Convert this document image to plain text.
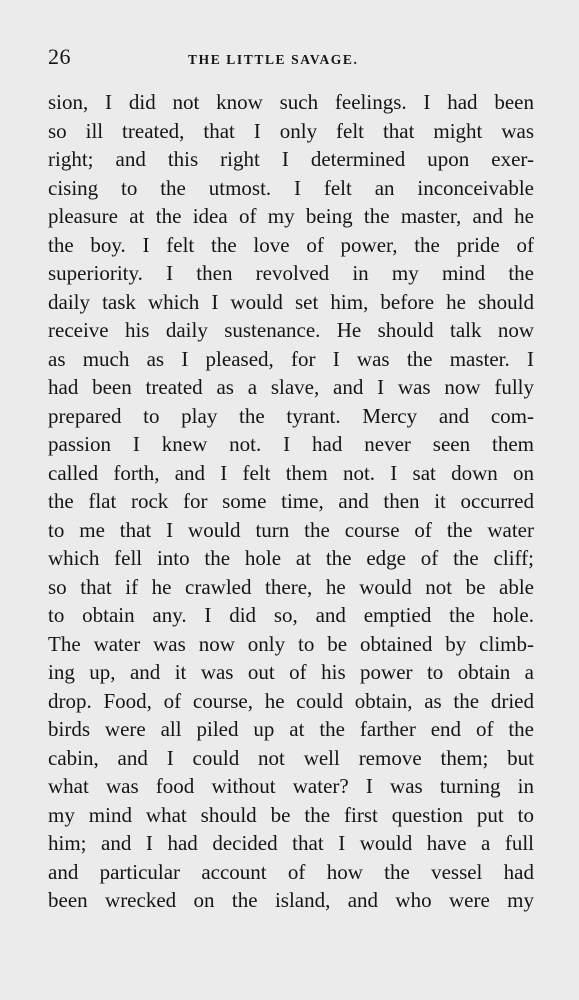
26	THE LITTLE SAVAGE.
sion, I did not know such feelings. I had been
so ill treated, that I only felt that might was
right; and this right I determined upon exer-
cising to the utmost. I felt an inconceivable
pleasure at the idea of my being the master, and he
the boy. I felt the love of power, the pride of
superiority. I then revolved in my mind the
daily task which I would set him, before he should
receive his daily sustenance. He should talk now
as much as I pleased, for I was the master. I
had been treated as a slave, and I was now fully
prepared to play the tyrant. Mercy and com-
passion I knew not. I had never seen them
called forth, and I felt them not. I sat down on
the flat rock for some time, and then it occurred
to me that I would turn the course of the water
which fell into the hole at the edge of the cliff;
so that if he crawled there, he would not be able
to obtain any. I did so, and emptied the hole.
The water was now only to be obtained by climb-
ing up, and it was out of his power to obtain a
drop. Food, of course, he could obtain, as the dried
birds were all piled up at the farther end of the
cabin, and I could not well remove them; but
what was food without water? I was turning in
my mind what should be the first question put to
him; and I had decided that I would have a full
and particular account of how the vessel had
been wrecked on the island, and who were my
